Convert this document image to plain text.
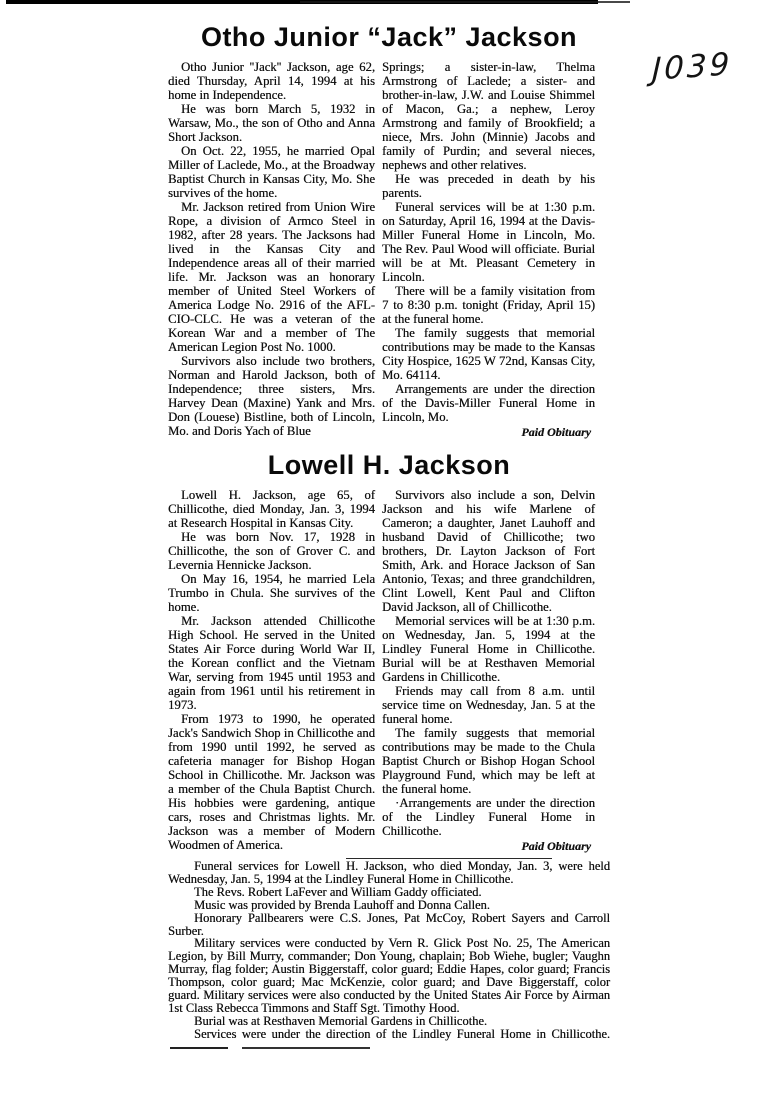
J039
Otho Junior “Jack” Jackson

Otho Junior ''Jack'' Jackson, age 62, died Thursday, April 14, 1994 at his home in Independence.

He was born March 5, 1932 in Warsaw, Mo., the son of Otho and Anna Short Jackson.

On Oct. 22, 1955, he married Opal Miller of Laclede, Mo., at the Broadway Baptist Church in Kansas City, Mo. She survives of the home.

Mr. Jackson retired from Union Wire Rope, a division of Armco Steel in 1982, after 28 years. The Jacksons had lived in the Kansas City and Independence areas all of their married life. Mr. Jackson was an honorary member of United Steel Workers of America Lodge No. 2916 of the AFL-CIO-CLC. He was a veteran of the Korean War and a member of The American Legion Post No. 1000.

Survivors also include two brothers, Norman and Harold Jackson, both of Independence; three sisters, Mrs. Harvey Dean (Maxine) Yank and Mrs. Don (Louese) Bistline, both of Lincoln, Mo. and Doris Yach of Blue

Springs; a sister-in-law, Thelma Armstrong of Laclede; a sister- and brother-in-law, J.W. and Louise Shimmel of Macon, Ga.; a nephew, Leroy Armstrong and family of Brookfield; a niece, Mrs. John (Minnie) Jacobs and family of Purdin; and several nieces, nephews and other relatives.

He was preceded in death by his parents.

Funeral services will be at 1:30 p.m. on Saturday, April 16, 1994 at the Davis-Miller Funeral Home in Lincoln, Mo. The Rev. Paul Wood will officiate. Burial will be at Mt. Pleasant Cemetery in Lincoln.

There will be a family visitation from 7 to 8:30 p.m. tonight (Friday, April 15) at the funeral home.

The family suggests that memorial contributions may be made to the Kansas City Hospice, 1625 W 72nd, Kansas City, Mo. 64114.

Arrangements are under the direction of the Davis-Miller Funeral Home in Lincoln, Mo.

Paid Obituary
Lowell H. Jackson

Lowell H. Jackson, age 65, of Chillicothe, died Monday, Jan. 3, 1994 at Research Hospital in Kansas City.

He was born Nov. 17, 1928 in Chillicothe, the son of Grover C. and Levernia Hennicke Jackson.

On May 16, 1954, he married Lela Trumbo in Chula. She survives of the home.

Mr. Jackson attended Chillicothe High School. He served in the United States Air Force during World War II, the Korean conflict and the Vietnam War, serving from 1945 until 1953 and again from 1961 until his retirement in 1973.

From 1973 to 1990, he operated Jack's Sandwich Shop in Chillicothe and from 1990 until 1992, he served as cafeteria manager for Bishop Hogan School in Chillicothe. Mr. Jackson was a member of the Chula Baptist Church. His hobbies were gardening, antique cars, roses and Christmas lights. Mr. Jackson was a member of Modern Woodmen of America.

Survivors also include a son, Delvin Jackson and his wife Marlene of Cameron; a daughter, Janet Lauhoff and husband David of Chillicothe; two brothers, Dr. Layton Jackson of Fort Smith, Ark. and Horace Jackson of San Antonio, Texas; and three grandchildren, Clint Lowell, Kent Paul and Clifton David Jackson, all of Chillicothe.

Memorial services will be at 1:30 p.m. on Wednesday, Jan. 5, 1994 at the Lindley Funeral Home in Chillicothe. Burial will be at Resthaven Memorial Gardens in Chillicothe.

Friends may call from 8 a.m. until service time on Wednesday, Jan. 5 at the funeral home.

The family suggests that memorial contributions may be made to the Chula Baptist Church or Bishop Hogan School Playground Fund, which may be left at the funeral home.

·Arrangements are under the direction of the Lindley Funeral Home in Chillicothe.

Paid Obituary

Funeral services for Lowell H. Jackson, who died Monday, Jan. 3, were held Wednesday, Jan. 5, 1994 at the Lindley Funeral Home in Chillicothe.

The Revs. Robert LaFever and William Gaddy officiated.

Music was provided by Brenda Lauhoff and Donna Callen.

Honorary Pallbearers were C.S. Jones, Pat McCoy, Robert Sayers and Carroll Surber.

Military services were conducted by Vern R. Glick Post No. 25, The American Legion, by Bill Murry, commander; Don Young, chaplain; Bob Wiehe, bugler; Vaughn Murray, flag folder; Austin Biggerstaff, color guard; Eddie Hapes, color guard; Francis Thompson, color guard; Mac McKenzie, color guard; and Dave Biggerstaff, color guard. Military services were also conducted by the United States Air Force by Airman 1st Class Rebecca Timmons and Staff Sgt. Timothy Hood.

Burial was at Resthaven Memorial Gardens in Chillicothe.

Services were under the direction of the Lindley Funeral Home in Chillicothe.
